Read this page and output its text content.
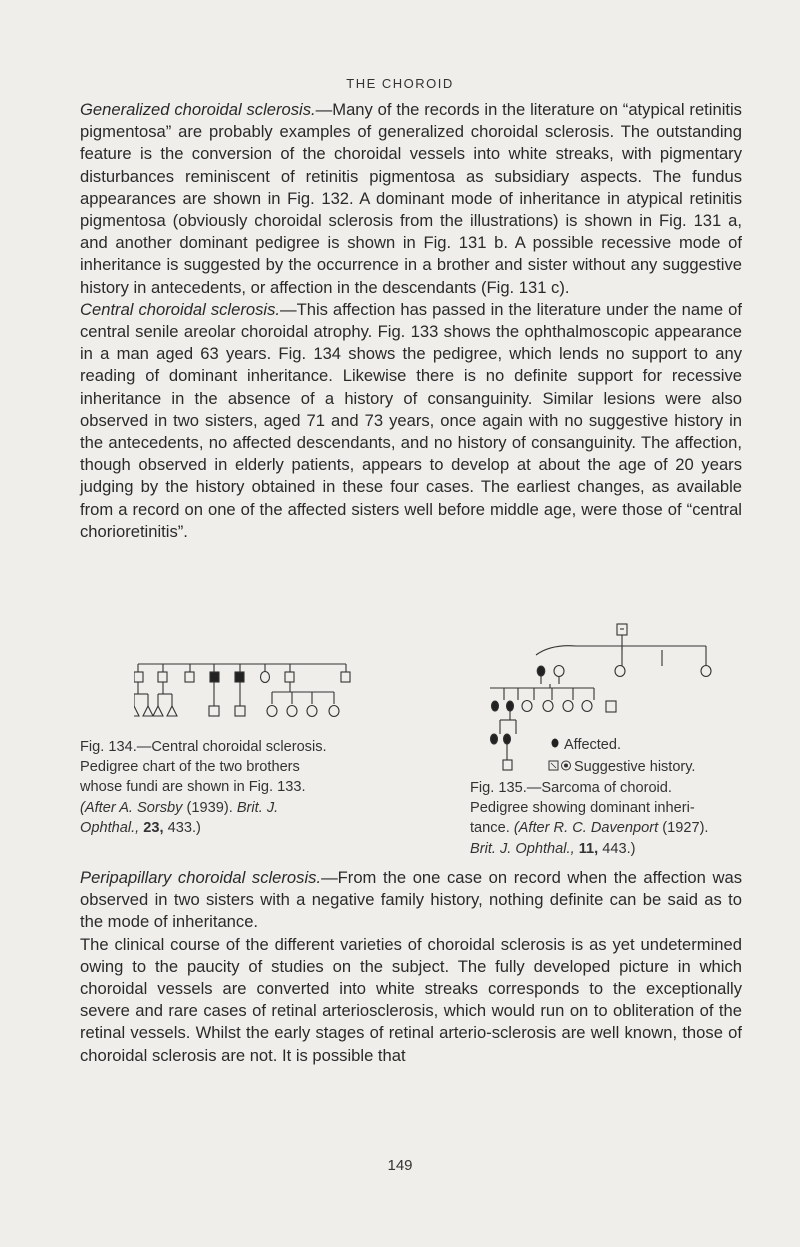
THE CHOROID

Generalized choroidal sclerosis.—Many of the records in the literature on “atypical retinitis pigmentosa” are probably examples of generalized choroidal sclerosis. The outstanding feature is the conversion of the choroidal vessels into white streaks, with pigmentary disturbances reminiscent of retinitis pigmentosa as subsidiary aspects. The fundus appearances are shown in Fig. 132. A dominant mode of inheritance in atypical retinitis pigmentosa (obviously choroidal sclerosis from the illustrations) is shown in Fig. 131 a, and another dominant pedigree is shown in Fig. 131 b. A possible recessive mode of inheritance is suggested by the occurrence in a brother and sister without any suggestive history in antecedents, or affection in the descendants (Fig. 131 c).

Central choroidal sclerosis.—This affection has passed in the literature under the name of central senile areolar choroidal atrophy. Fig. 133 shows the ophthalmoscopic appearance in a man aged 63 years. Fig. 134 shows the pedigree, which lends no support to any reading of dominant inheritance. Likewise there is no definite support for recessive inheritance in the absence of a history of consanguinity. Similar lesions were also observed in two sisters, aged 71 and 73 years, once again with no suggestive history in the antecedents, no affected descendants, and no history of consanguinity. The affection, though observed in elderly patients, appears to develop at about the age of 20 years judging by the history obtained in these four cases. The earliest changes, as available from a record on one of the affected sisters well before middle age, were those of “central chorioretinitis”.

Fig. 134.—Central choroidal sclerosis.
Pedigree chart of the two brothers
whose fundi are shown in Fig. 133.
(After A. Sorsby (1939). Brit. J.
Ophthal., 23, 433.)
Affected.
Suggestive history.
Fig. 135.—Sarcoma of choroid.
Pedigree showing dominant inheri-
tance. (After R. C. Davenport (1927).
Brit. J. Ophthal., 11, 443.)

Peripapillary choroidal sclerosis.—From the one case on record when the affection was observed in two sisters with a negative family history, nothing definite can be said as to the mode of inheritance.

The clinical course of the different varieties of choroidal sclerosis is as yet undetermined owing to the paucity of studies on the subject. The fully developed picture in which choroidal vessels are converted into white streaks corresponds to the exceptionally severe and rare cases of retinal arteriosclerosis, which would run on to obliteration of the retinal vessels. Whilst the early stages of retinal arterio-sclerosis are well known, those of choroidal sclerosis are not. It is possible that

149
